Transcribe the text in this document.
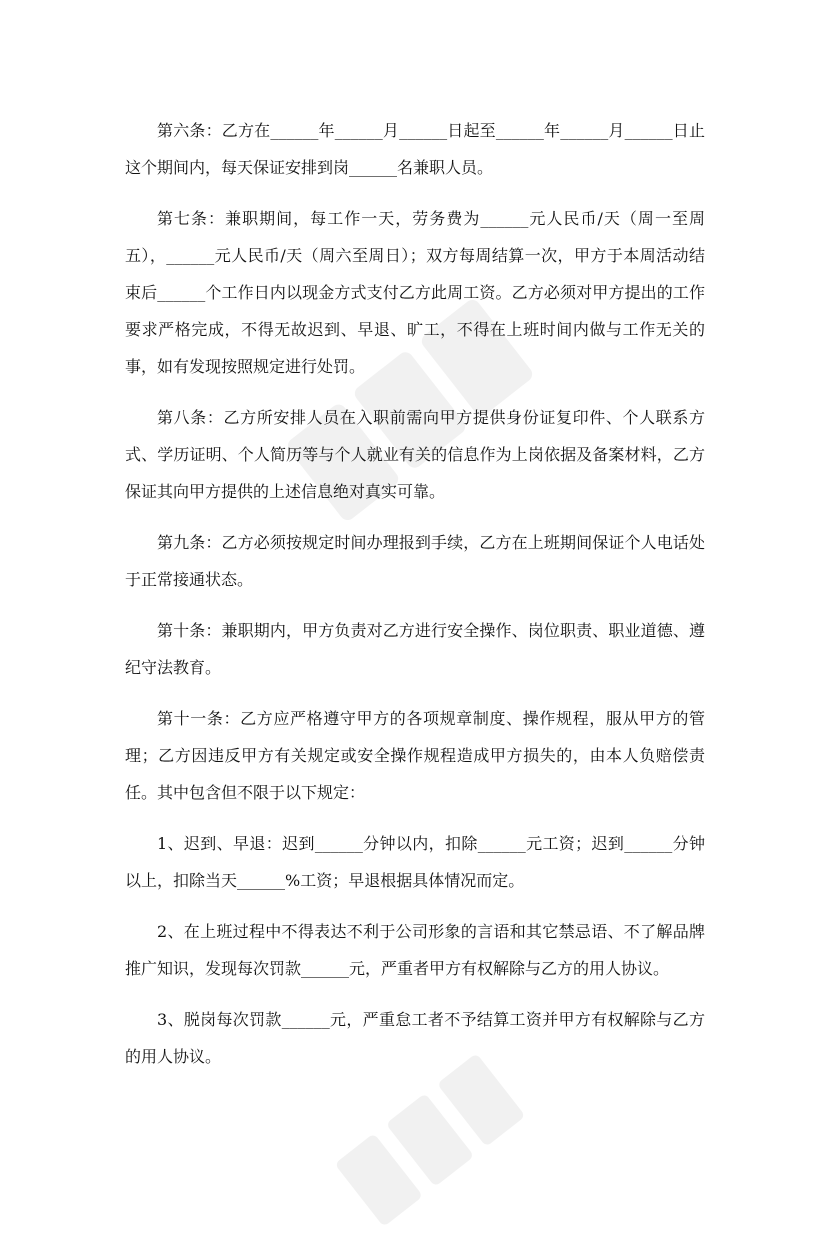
第六条：乙方在______年______月______日起至______年______月______日止这个期间内，每天保证安排到岗______名兼职人员。

第七条：兼职期间，每工作一天，劳务费为______元人民币/天（周一至周五），______元人民币/天（周六至周日）；双方每周结算一次，甲方于本周活动结束后______个工作日内以现金方式支付乙方此周工资。乙方必须对甲方提出的工作要求严格完成，不得无故迟到、早退、旷工，不得在上班时间内做与工作无关的事，如有发现按照规定进行处罚。

第八条：乙方所安排人员在入职前需向甲方提供身份证复印件、个人联系方式、学历证明、个人简历等与个人就业有关的信息作为上岗依据及备案材料，乙方保证其向甲方提供的上述信息绝对真实可靠。

第九条：乙方必须按规定时间办理报到手续，乙方在上班期间保证个人电话处于正常接通状态。

第十条：兼职期内，甲方负责对乙方进行安全操作、岗位职责、职业道德、遵纪守法教育。

第十一条：乙方应严格遵守甲方的各项规章制度、操作规程，服从甲方的管理；乙方因违反甲方有关规定或安全操作规程造成甲方损失的，由本人负赔偿责任。其中包含但不限于以下规定：

1、迟到、早退：迟到______分钟以内，扣除______元工资；迟到______分钟以上，扣除当天______%工资；早退根据具体情况而定。

2、在上班过程中不得表达不利于公司形象的言语和其它禁忌语、不了解品牌推广知识，发现每次罚款______元，严重者甲方有权解除与乙方的用人协议。

3、脱岗每次罚款______元，严重怠工者不予结算工资并甲方有权解除与乙方的用人协议。
